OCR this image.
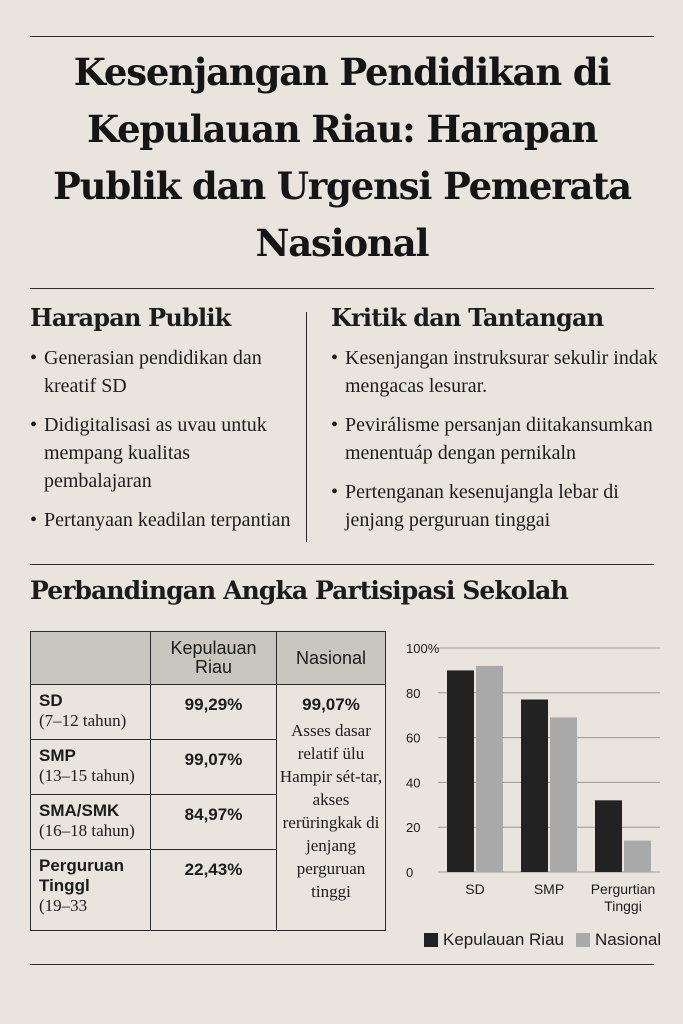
Kesenjangan Pendidikan di Kepulauan Riau: Harapan Publik dan Urgensi Pemerata Nasional
Harapan Publik
• Generasian pendidikan dan kreatif SD
• Didigitalisasi as uvau untuk mempang kualitas pembalajaran
• Pertanyaan keadilan terpantian
Kritik dan Tantangan
• Kesenjangan instruksurar sekulir indak mengacas lesurar.
• Pevirálisme persanjan diitakansumkan menentuáp dengan pernikaln
• Pertenganan kesenujangla lebar di jenjang perguruan tinggai
Perbandingan Angka Partisipasi Sekolah
	Kepulauan Riau	Nasional

SD
(7–12 tahun)	99,29%	99,07%
Asses dasar relatif ülu Hampir sét-tar, akses rerüringkak di jenjang perguruan tinggi

SMP
(13–15 tahun)	99,07%	

SMA/SMK
(16–18 tahun)	84,97%	

Perguruan Tinggl
(19–33	22,43%		0
20
40
60
80
100%
SD	SMP Pergurtian
Tinggi
Kepulauan Riau Nasional
